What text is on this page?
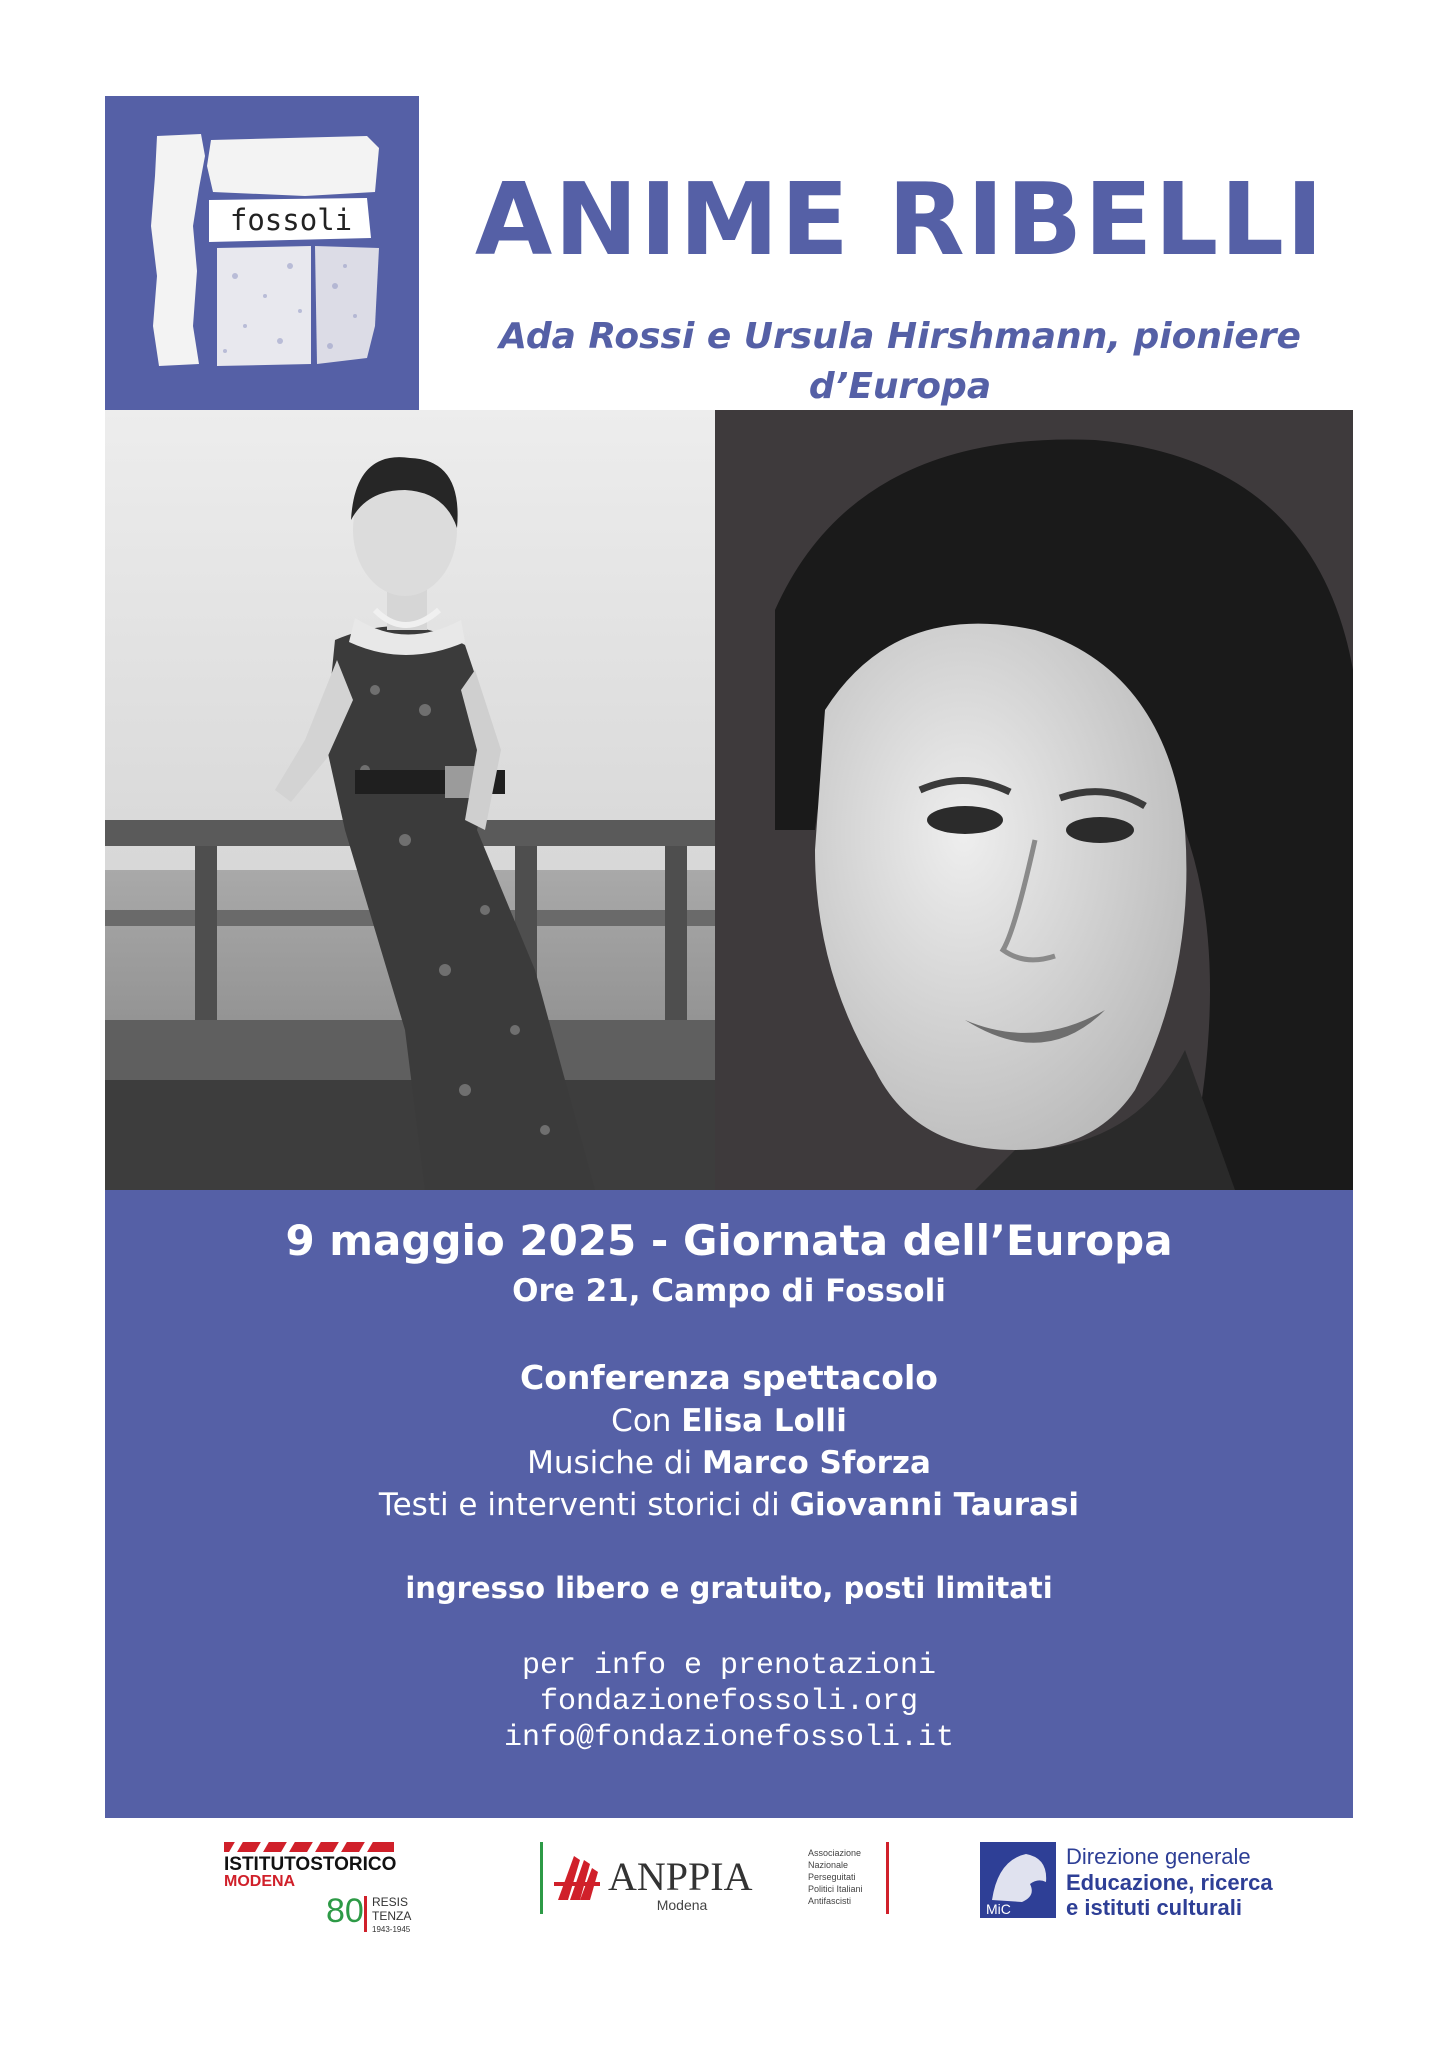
fossoli	ANIME RIBELLI
Ada Rossi e Ursula Hirshmann, pioniere d’Europa
9 maggio 2025 - Giornata dell’Europa
Ore 21, Campo di Fossoli
Conferenza spettacolo
Con Elisa Lolli
Musiche di Marco Sforza
Testi e interventi storici di Giovanni Taurasi
ingresso libero e gratuito, posti limitati
per info e prenotazioni
fondazionefossoli.org
info@fondazionefossoli.it
ISTITUTOSTORICO
MODENA
80 RESIS
TENZA
1943-1945
ANPPIA
Modena
Associazione
Nazionale
Perseguitati
Politici Italiani
Antifascisti	MiC
Direzione generale
Educazione, ricerca
e istituti culturali
